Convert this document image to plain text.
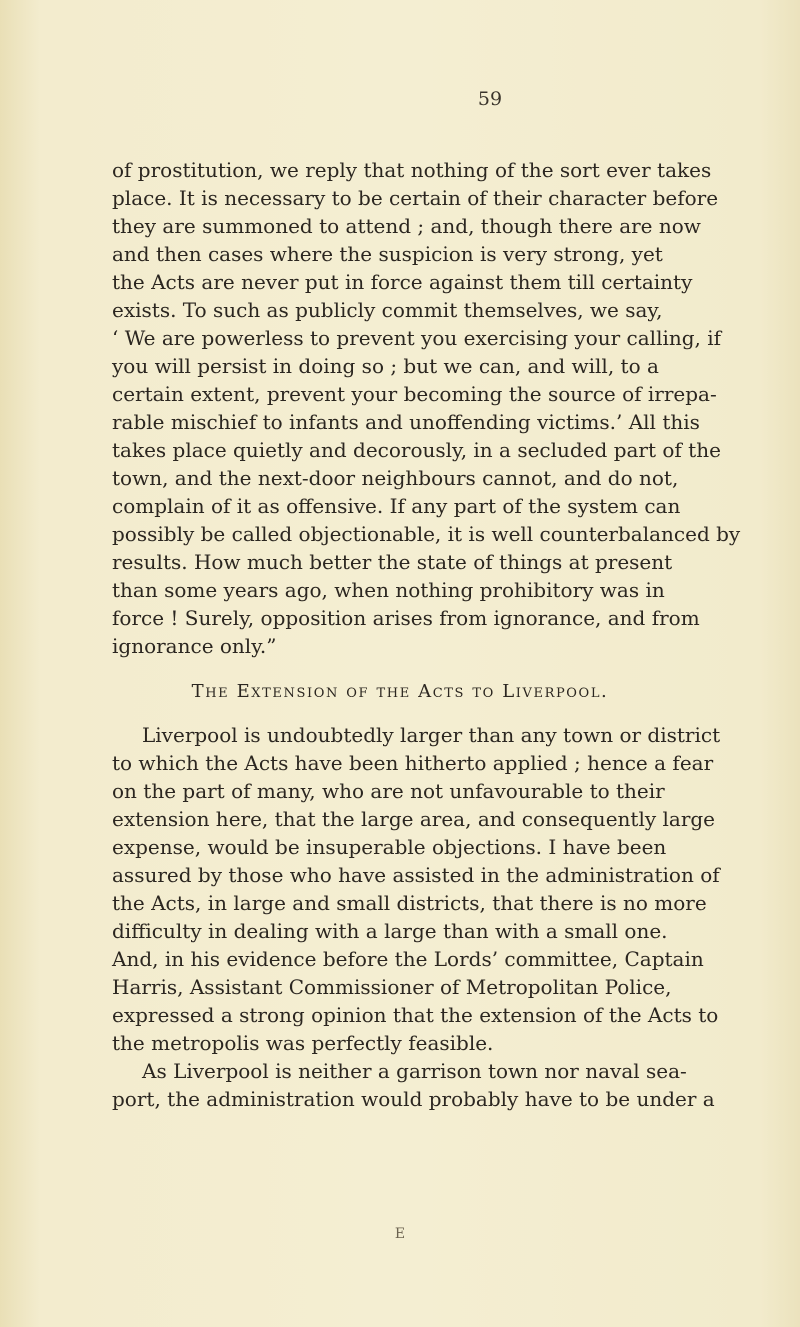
59
of prostitution, we reply that nothing of the sort ever takes
place. It is necessary to be certain of their character before
they are summoned to attend ; and, though there are now
and then cases where the suspicion is very strong, yet
the Acts are never put in force against them till certainty
exists. To such as publicly commit themselves, we say,
‘ We are powerless to prevent you exercising your calling, if
you will persist in doing so ; but we can, and will, to a
certain extent, prevent your becoming the source of irrepa-
rable mischief to infants and unoffending victims.’ All this
takes place quietly and decorously, in a secluded part of the
town, and the next-door neighbours cannot, and do not,
complain of it as offensive. If any part of the system can
possibly be called objectionable, it is well counterbalanced by
results. How much better the state of things at present
than some years ago, when nothing prohibitory was in
force ! Surely, opposition arises from ignorance, and from
ignorance only.”
The Extension of the Acts to Liverpool.
Liverpool is undoubtedly larger than any town or district
to which the Acts have been hitherto applied ; hence a fear
on the part of many, who are not unfavourable to their
extension here, that the large area, and consequently large
expense, would be insuperable objections. I have been
assured by those who have assisted in the administration of
the Acts, in large and small districts, that there is no more
difficulty in dealing with a large than with a small one.
And, in his evidence before the Lords’ committee, Captain
Harris, Assistant Commissioner of Metropolitan Police,
expressed a strong opinion that the extension of the Acts to
the metropolis was perfectly feasible.
As Liverpool is neither a garrison town nor naval sea-
port, the administration would probably have to be under a
E
